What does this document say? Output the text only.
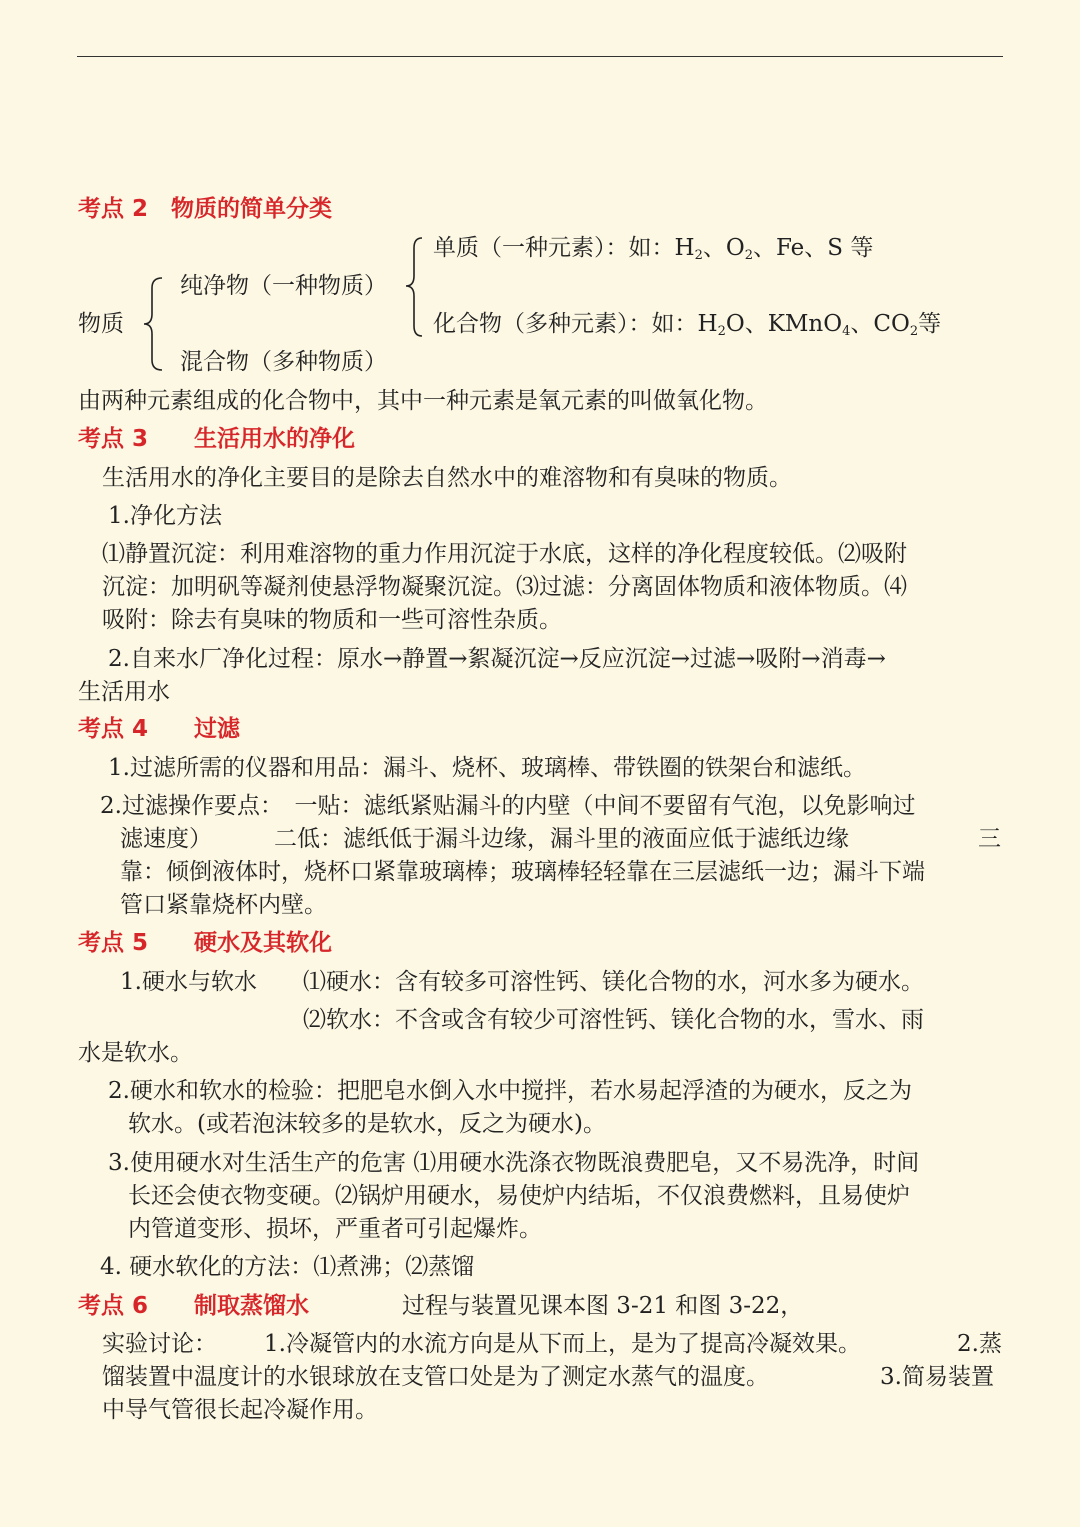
考点 2　物质的简单分类
物质
纯净物（一种物质）
混合物（多种物质）
单质（一种元素）：如：$H_2$、$O_2$、Fe、S 等
化合物（多种元素）：如：$H_2O$、KMnO$_4$、$CO_2$等
由两种元素组成的化合物中，其中一种元素是氧元素的叫做氧化物。
考点 3　　生活用水的净化
生活用水的净化主要目的是除去自然水中的难溶物和有臭味的物质。
1.净化方法
⑴静置沉淀：利用难溶物的重力作用沉淀于水底，这样的净化程度较低。⑵吸附
沉淀：加明矾等凝剂使悬浮物凝聚沉淀。⑶过滤：分离固体物质和液体物质。⑷
吸附：除去有臭味的物质和一些可溶性杂质。
2.自来水厂净化过程：原水→静置→絮凝沉淀→反应沉淀→过滤→吸附→消毒→
生活用水
考点 4　　过滤
1.过滤所需的仪器和用品：漏斗、烧杯、玻璃棒、带铁圈的铁架台和滤纸。
2.过滤操作要点：　一贴：滤纸紧贴漏斗的内壁（中间不要留有气泡，以免影响过
滤速度）	二低：滤纸低于漏斗边缘，漏斗里的液面应低于滤纸边缘	三
靠：倾倒液体时，烧杯口紧靠玻璃棒；玻璃棒轻轻靠在三层滤纸一边；漏斗下端
管口紧靠烧杯内壁。
考点 5　　硬水及其软化
1.硬水与软水 ⑴硬水：含有较多可溶性钙、镁化合物的水，河水多为硬水。
⑵软水：不含或含有较少可溶性钙、镁化合物的水，雪水、雨
水是软水。
2.硬水和软水的检验：把肥皂水倒入水中搅拌，若水易起浮渣的为硬水，反之为
软水。(或若泡沫较多的是软水，反之为硬水)。
3.使用硬水对生活生产的危害 ⑴用硬水洗涤衣物既浪费肥皂，又不易洗净，时间
长还会使衣物变硬。⑵锅炉用硬水，易使炉内结垢，不仅浪费燃料，且易使炉
内管道变形、损坏，严重者可引起爆炸。
4. 硬水软化的方法：⑴煮沸；⑵蒸馏
考点 6　　制取蒸馏水	过程与装置见课本图 3-21 和图 3-22，
实验讨论： 1.冷凝管内的水流方向是从下而上，是为了提高冷凝效果。	2.蒸
馏装置中温度计的水银球放在支管口处是为了测定水蒸气的温度。	3.简易装置
中导气管很长起冷凝作用。
